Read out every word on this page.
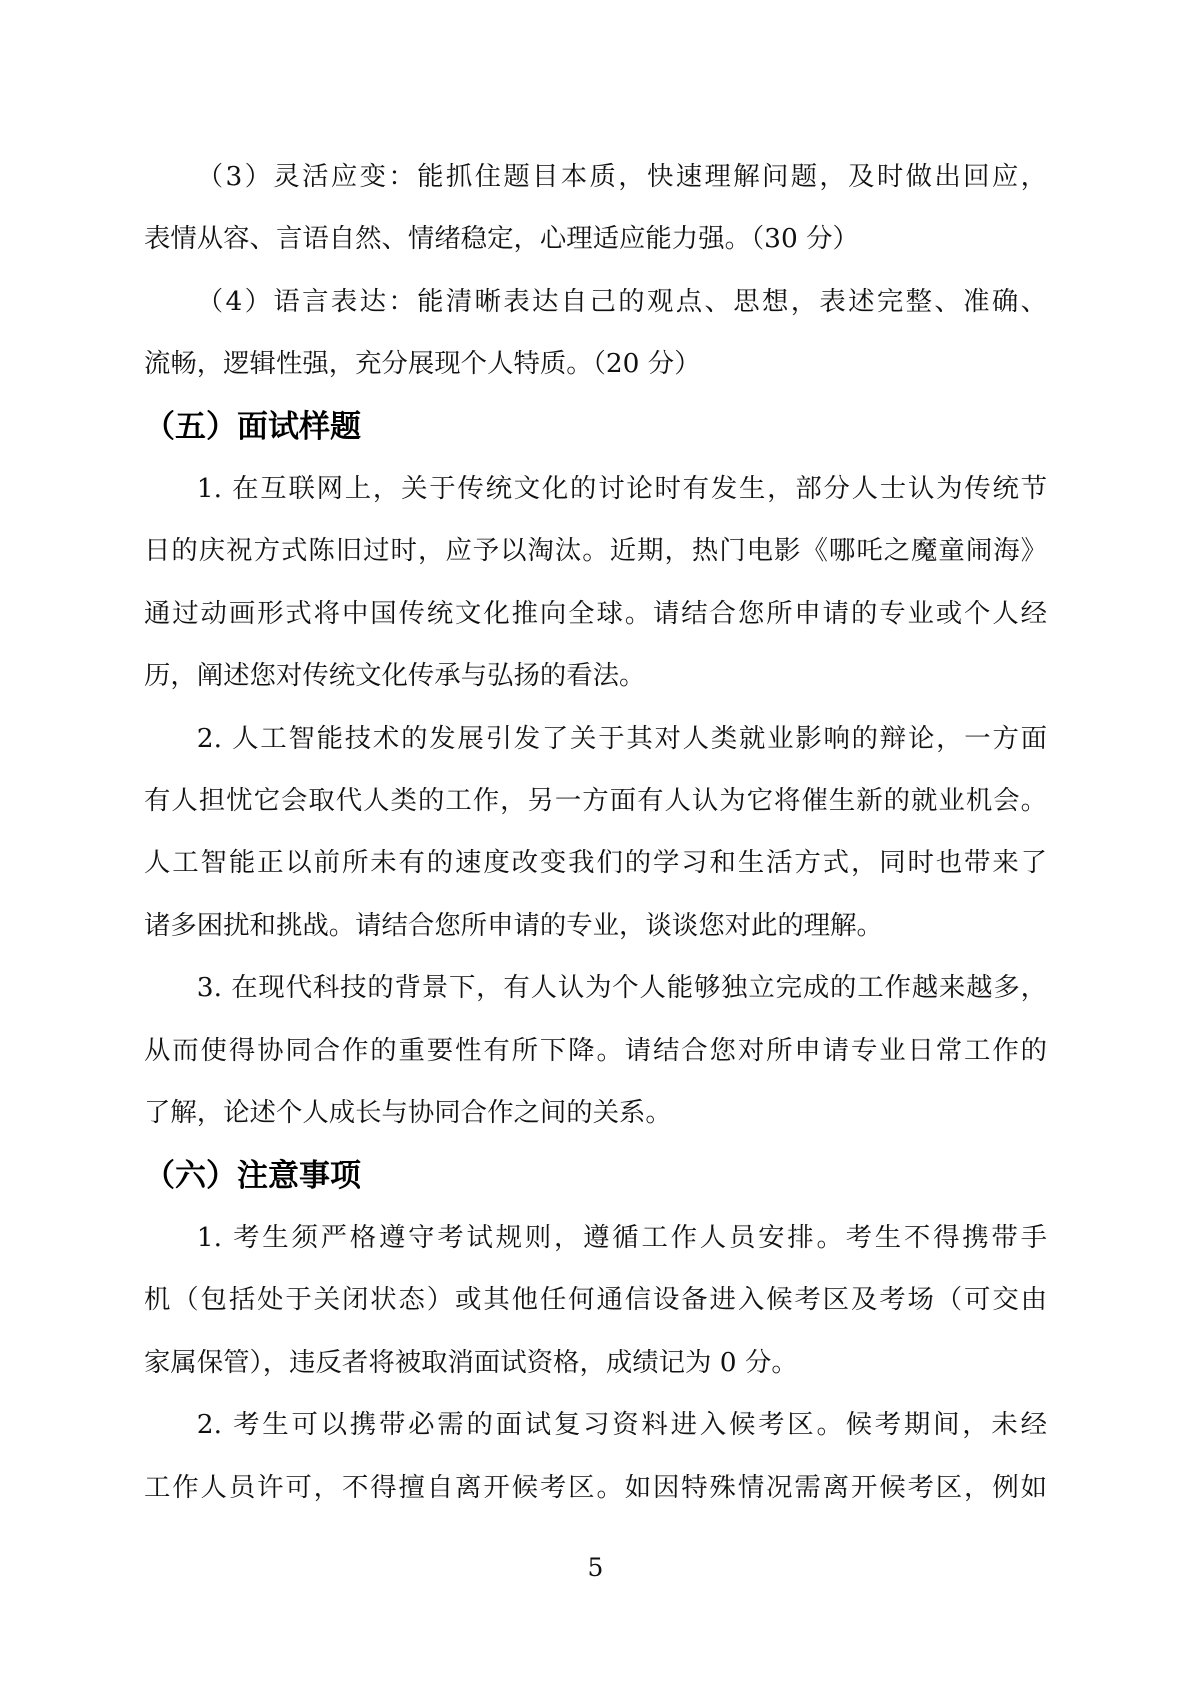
（3）灵活应变：能抓住题目本质，快速理解问题，及时做出回应，
表情从容、言语自然、情绪稳定，心理适应能力强。（30 分）
（4）语言表达：能清晰表达自己的观点、思想，表述完整、准确、
流畅，逻辑性强，充分展现个人特质。（20 分）
（五）面试样题
1. 在互联网上，关于传统文化的讨论时有发生，部分人士认为传统节
日的庆祝方式陈旧过时，应予以淘汰。近期，热门电影《哪吒之魔童闹海》
通过动画形式将中国传统文化推向全球。请结合您所申请的专业或个人经
历，阐述您对传统文化传承与弘扬的看法。
2. 人工智能技术的发展引发了关于其对人类就业影响的辩论，一方面
有人担忧它会取代人类的工作，另一方面有人认为它将催生新的就业机会。
人工智能正以前所未有的速度改变我们的学习和生活方式，同时也带来了
诸多困扰和挑战。请结合您所申请的专业，谈谈您对此的理解。
3. 在现代科技的背景下，有人认为个人能够独立完成的工作越来越多，
从而使得协同合作的重要性有所下降。请结合您对所申请专业日常工作的
了解，论述个人成长与协同合作之间的关系。
（六）注意事项
1. 考生须严格遵守考试规则，遵循工作人员安排。考生不得携带手
机（包括处于关闭状态）或其他任何通信设备进入候考区及考场（可交由
家属保管），违反者将被取消面试资格，成绩记为 0 分。
2. 考生可以携带必需的面试复习资料进入候考区。候考期间，未经
工作人员许可，不得擅自离开候考区。如因特殊情况需离开候考区，例如
5
